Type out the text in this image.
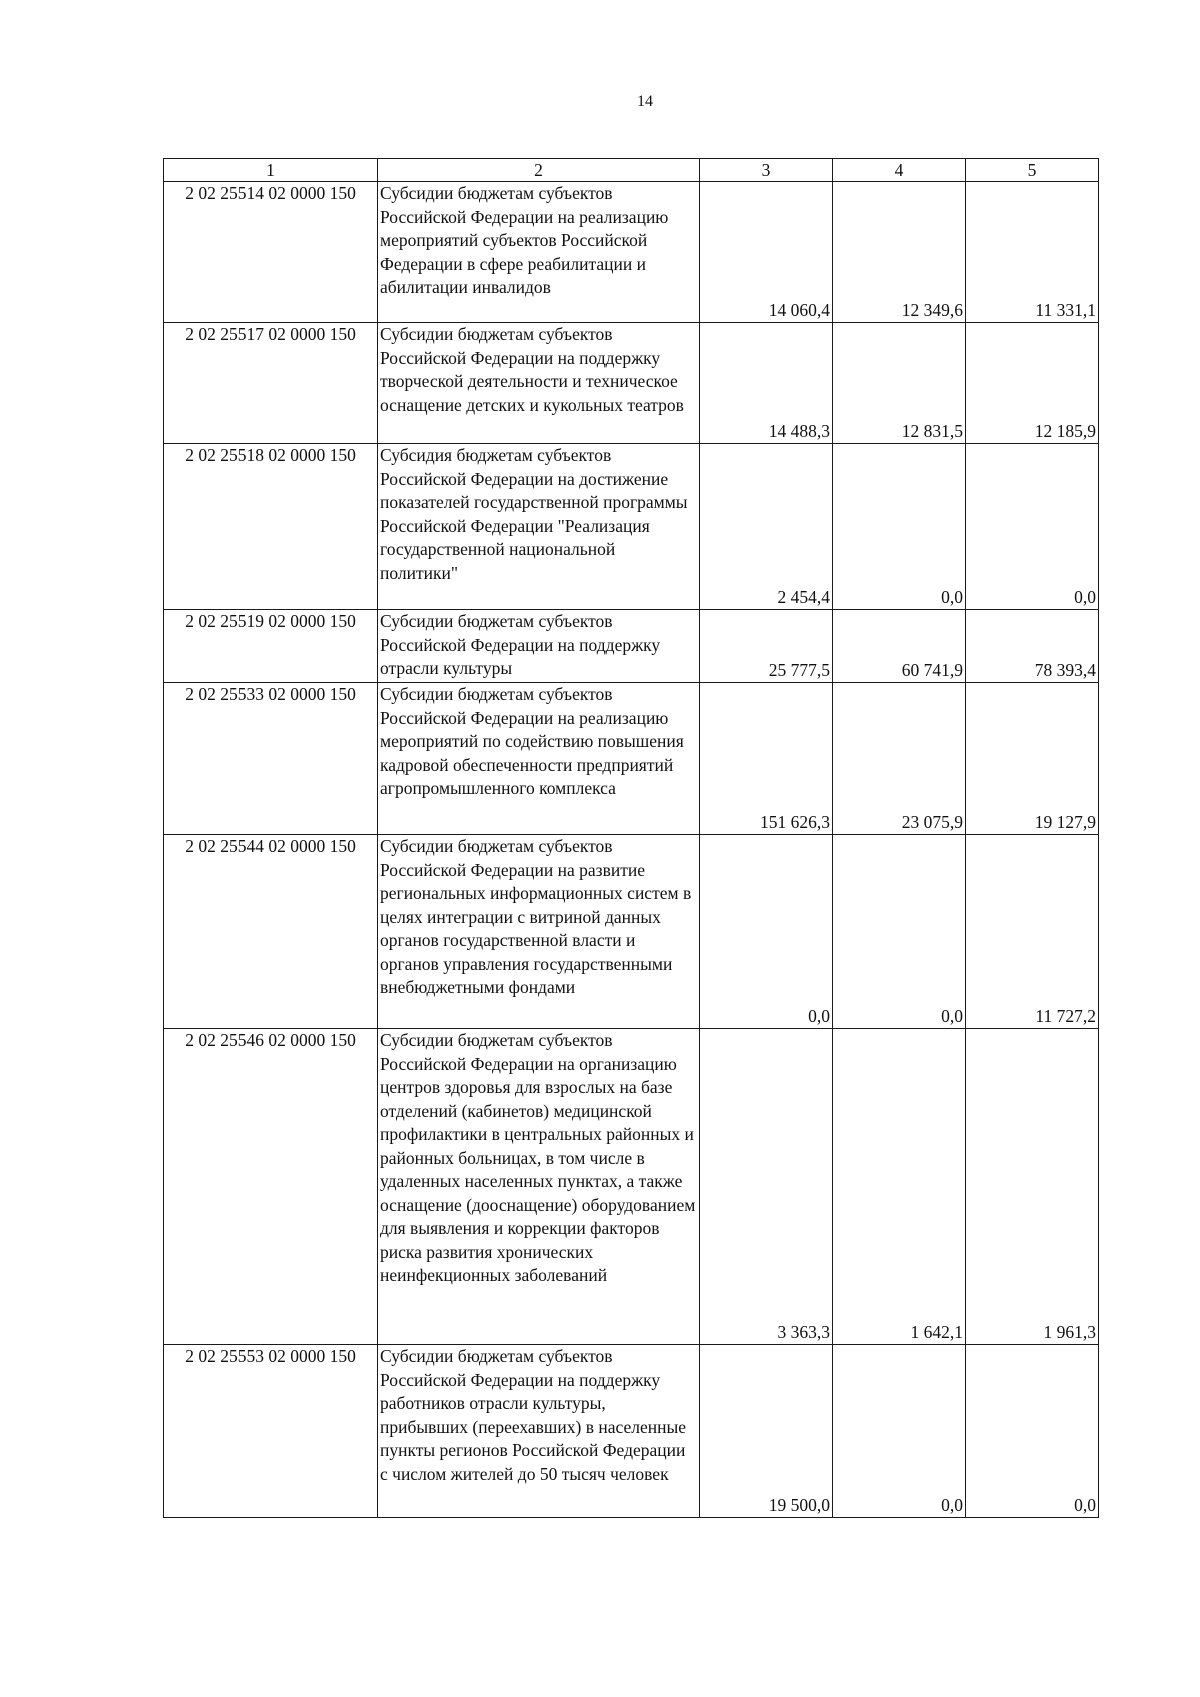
14
1	2	3	4	5
2 02 25514 02 0000 150	Субсидии бюджетам субъектов Российской Федерации на реализацию мероприятий субъектов Российской Федерации в сфере реабилитации и абилитации инвалидов	14 060,4	12 349,6	11 331,1
2 02 25517 02 0000 150	Субсидии бюджетам субъектов Российской Федерации на поддержку творческой деятельности и техническое оснащение детских и кукольных театров	14 488,3	12 831,5	12 185,9
2 02 25518 02 0000 150	Субсидия бюджетам субъектов Российской Федерации на достижение показателей государственной программы Российской Федерации "Реализация государственной национальной политики"	2 454,4	0,0	0,0
2 02 25519 02 0000 150	Субсидии бюджетам субъектов Российской Федерации на поддержку отрасли культуры	25 777,5	60 741,9	78 393,4
2 02 25533 02 0000 150	Субсидии бюджетам субъектов Российской Федерации на реализацию мероприятий по содействию повышения кадровой обеспеченности предприятий агропромышленного комплекса	151 626,3	23 075,9	19 127,9
2 02 25544 02 0000 150	Субсидии бюджетам субъектов Российской Федерации на развитие региональных информационных систем в целях интеграции с витриной данных органов государственной власти и органов управления государственными внебюджетными фондами	0,0	0,0	11 727,2
2 02 25546 02 0000 150	Субсидии бюджетам субъектов Российской Федерации на организацию центров здоровья для взрослых на базе отделений (кабинетов) медицинской профилактики в центральных районных и районных больницах, в том числе в удаленных населенных пунктах, а также оснащение (дооснащение) оборудованием для выявления и коррекции факторов риска развития хронических неинфекционных заболеваний	3 363,3	1 642,1	1 961,3
2 02 25553 02 0000 150	Субсидии бюджетам субъектов Российской Федерации на поддержку работников отрасли культуры, прибывших (переехавших) в населенные пункты регионов Российской Федерации с числом жителей до 50 тысяч человек	19 500,0	0,0	0,0
